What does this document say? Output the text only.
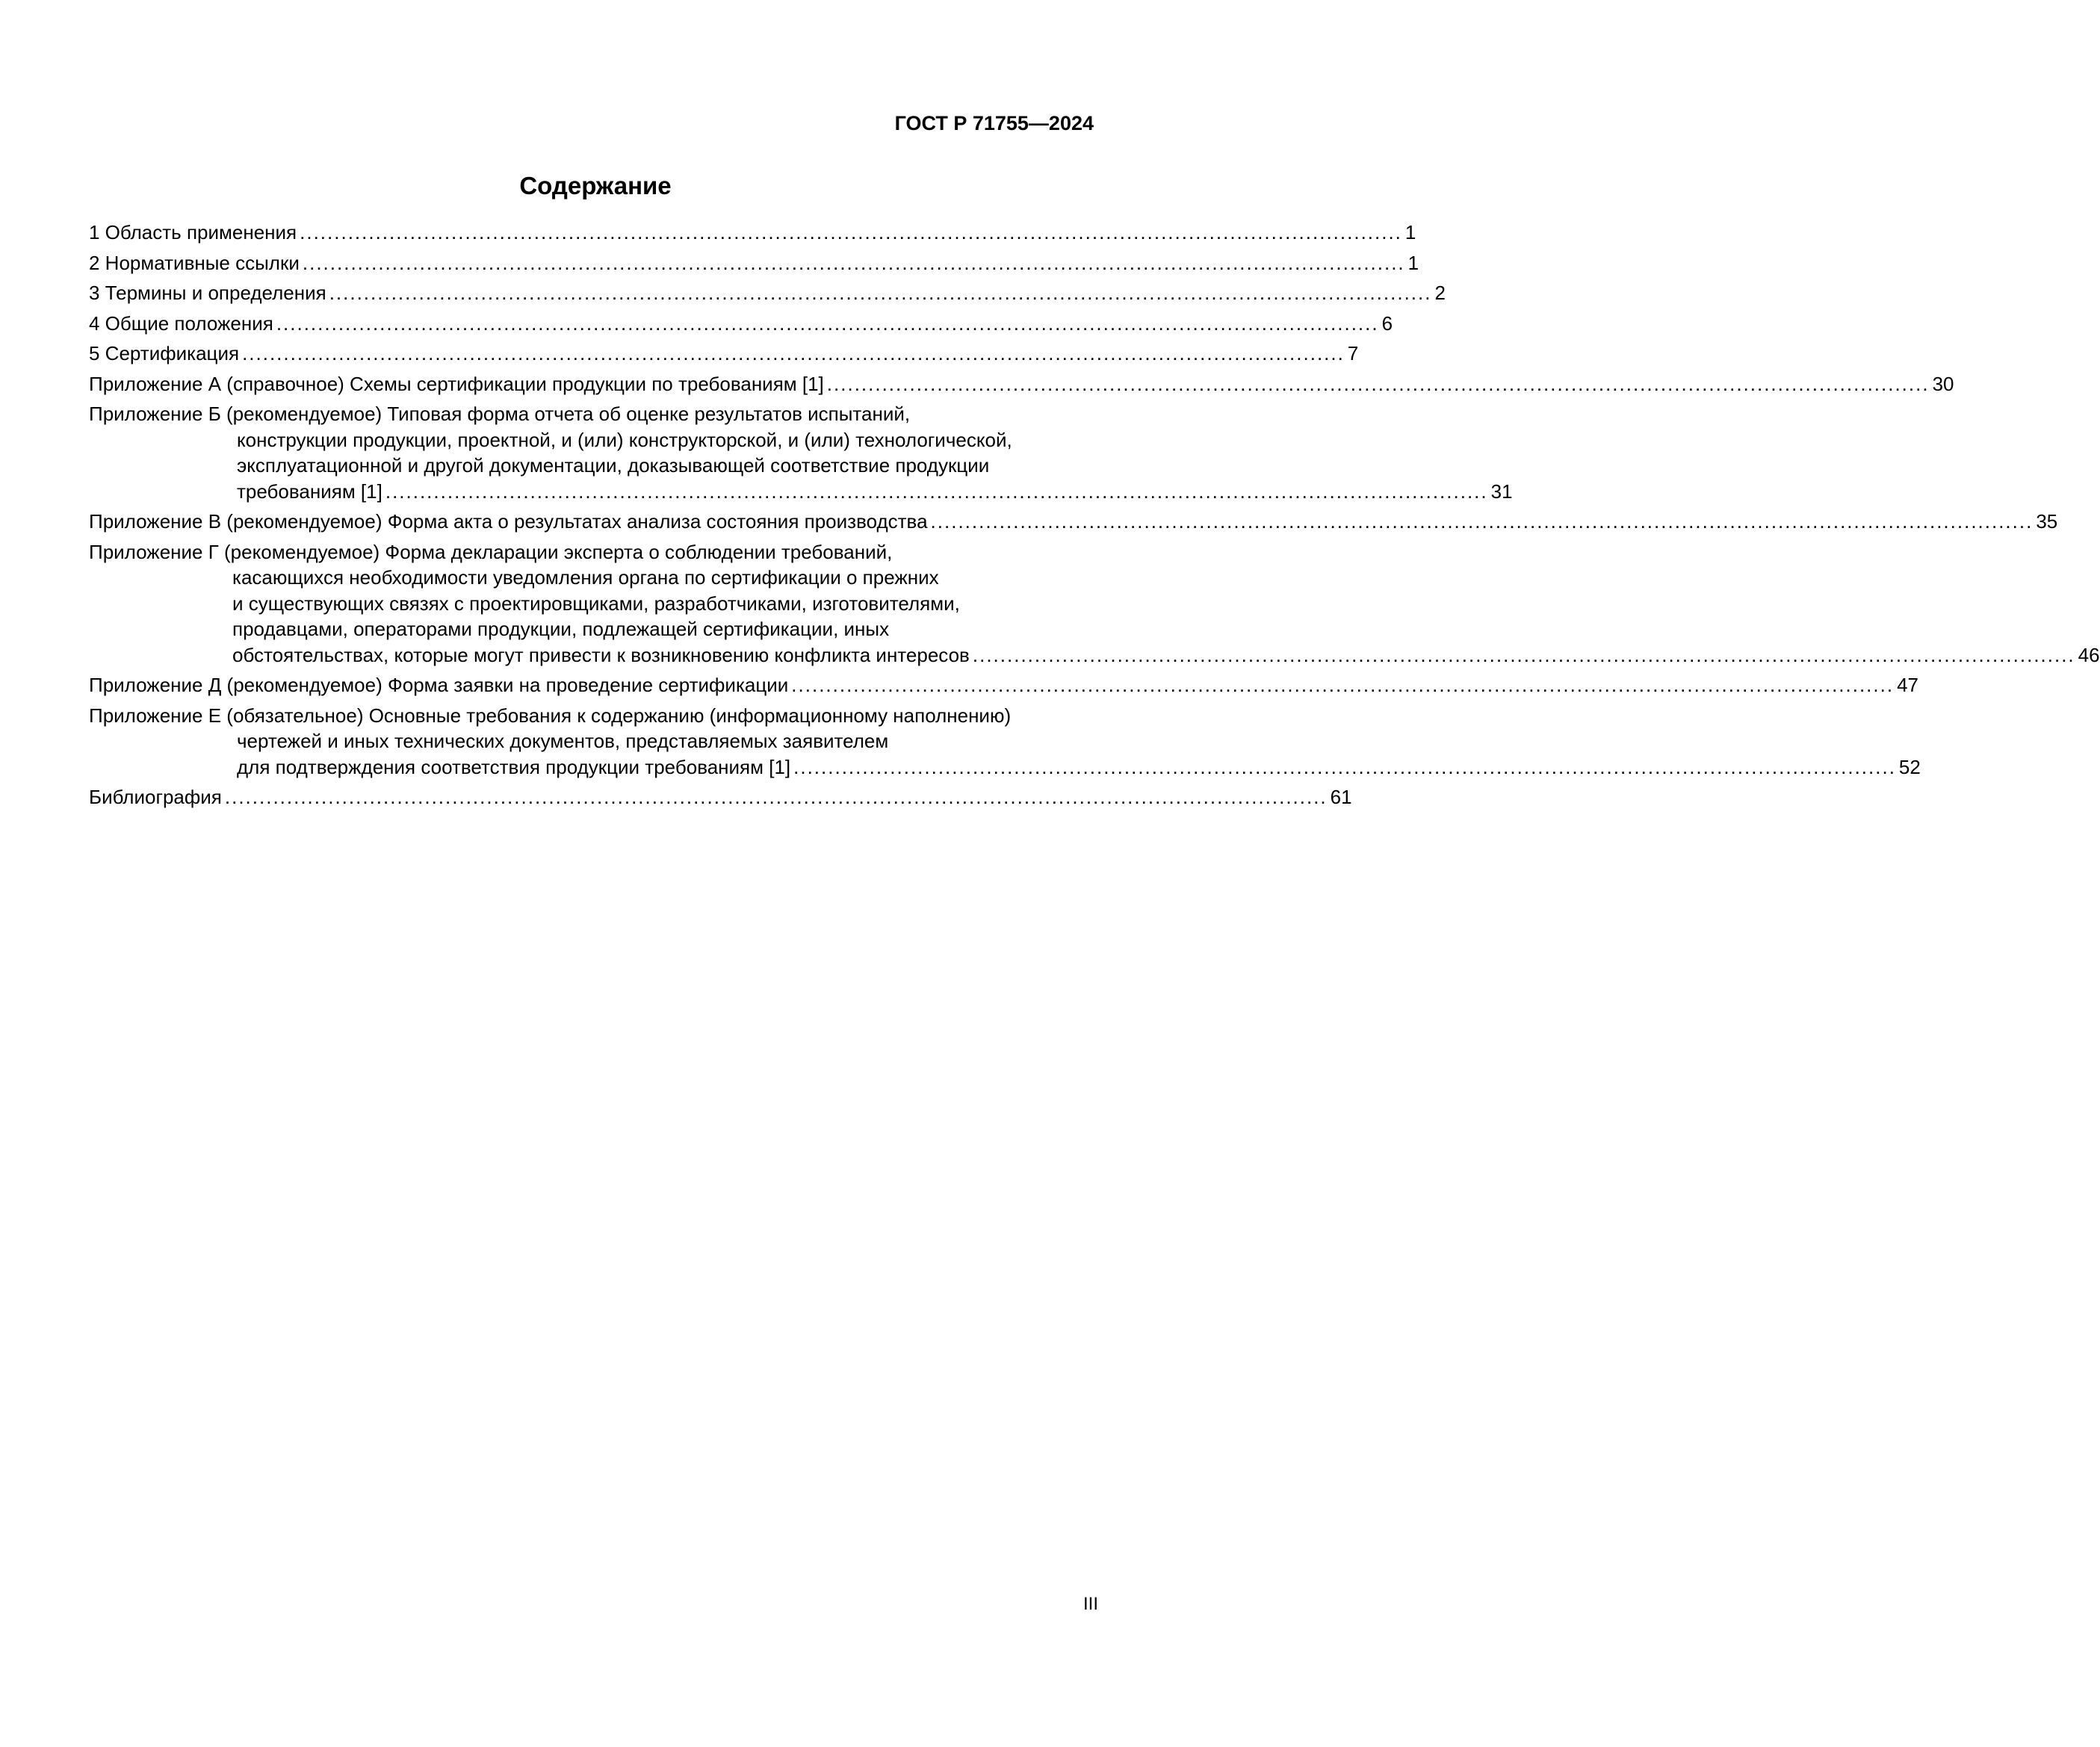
ГОСТ Р 71755—2024
Содержание
1 Область применения ................................................................................................................................................................ 1
2 Нормативные ссылки ................................................................................................................................................................ 1
3 Термины и определения ................................................................................................................................................................ 2
4 Общие положения ................................................................................................................................................................ 6
5 Сертификация ................................................................................................................................................................ 7
Приложение А (справочное) Схемы сертификации продукции по требованиям [1] ................................................................................................................................................................ 30
Приложение Б (рекомендуемое) Типовая форма отчета об оценке результатов испытаний,
конструкции продукции, проектной, и (или) конструкторской, и (или) технологической,
эксплуатационной и другой документации, доказывающей соответствие продукции
требованиям [1] ................................................................................................................................................................ 31
Приложение В (рекомендуемое) Форма акта о результатах анализа состояния производства ................................................................................................................................................................ 35
Приложение Г (рекомендуемое) Форма декларации эксперта о соблюдении требований,
касающихся необходимости уведомления органа по сертификации о прежних
и существующих связях с проектировщиками, разработчиками, изготовителями,
продавцами, операторами продукции, подлежащей сертификации, иных
обстоятельствах, которые могут привести к возникновению конфликта интересов ................................................................................................................................................................ 46
Приложение Д (рекомендуемое) Форма заявки на проведение сертификации ................................................................................................................................................................ 47
Приложение Е (обязательное) Основные требования к содержанию (информационному наполнению)
чертежей и иных технических документов, представляемых заявителем
для подтверждения соответствия продукции требованиям [1] ................................................................................................................................................................ 52
Библиография ................................................................................................................................................................ 61
III
